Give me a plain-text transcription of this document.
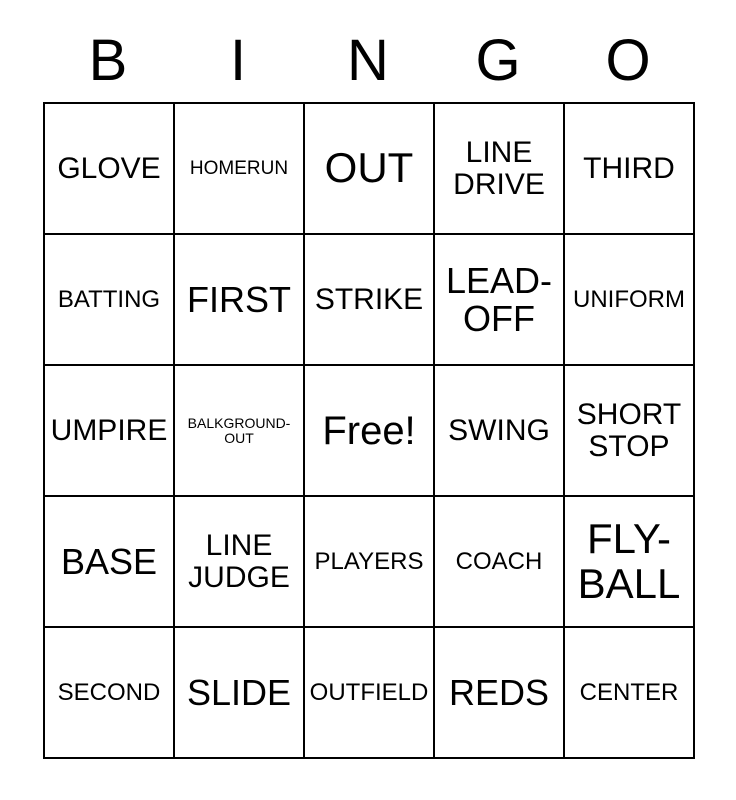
B	I	N	G	O
GLOVE	HOMERUN	OUT	LINE DRIVE	THIRD

BATTING	FIRST	STRIKE	LEAD-OFF	UNIFORM

UMPIRE	BALKGROUND-OUT	Free!	SWING	SHORT STOP

BASE	LINE JUDGE	PLAYERS	COACH	FLY-BALL

SECOND	SLIDE	OUTFIELD	REDS	CENTER
